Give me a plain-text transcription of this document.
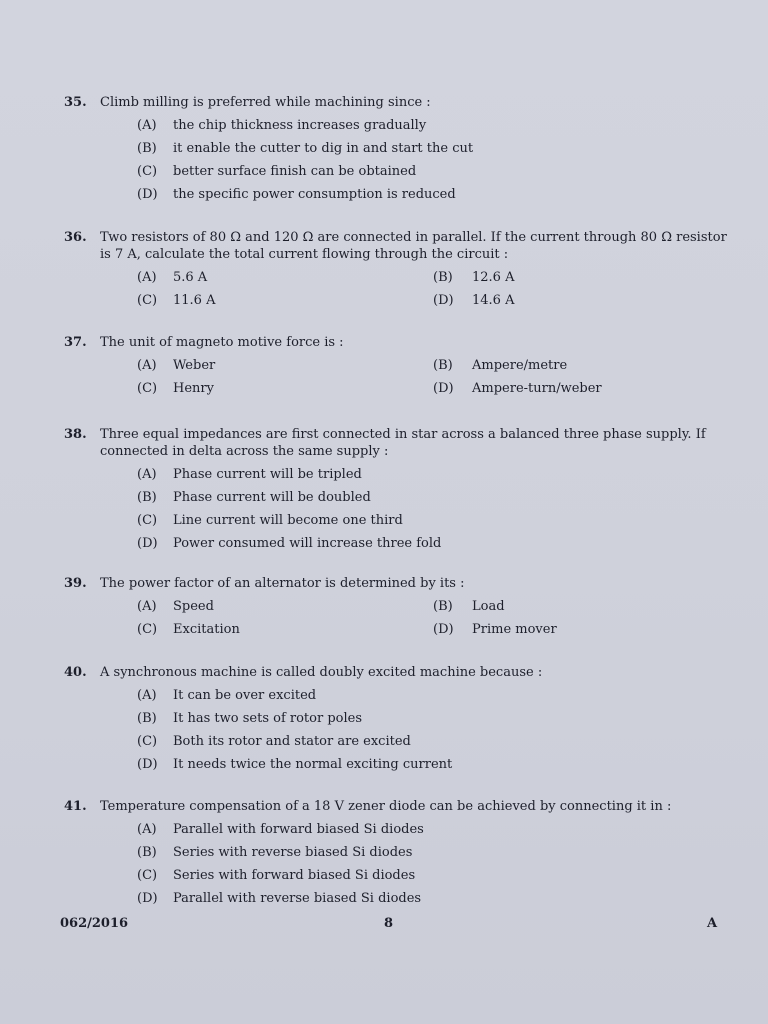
35. Climb milling is preferred while machining since :
(A) the chip thickness increases gradually
(B) it enable the cutter to dig in and start the cut
(C) better surface finish can be obtained
(D) the specific power consumption is reduced
36. Two resistors of 80 Ω and 120 Ω are connected in parallel. If the current through 80 Ω resistor is 7 A, calculate the total current flowing through the circuit :
(A) 5.6 A	(B) 12.6 A
(C) 11.6 A	(D) 14.6 A
37. The unit of magneto motive force is :
(A) Weber	(B) Ampere/metre
(C) Henry	(D) Ampere-turn/weber
38. Three equal impedances are first connected in star across a balanced three phase supply. If connected in delta across the same supply :
(A) Phase current will be tripled
(B) Phase current will be doubled
(C) Line current will become one third
(D) Power consumed will increase three fold
39. The power factor of an alternator is determined by its :
(A) Speed	(B) Load
(C) Excitation	(D) Prime mover
40. A synchronous machine is called doubly excited machine because :
(A) It can be over excited
(B) It has two sets of rotor poles
(C) Both its rotor and stator are excited
(D) It needs twice the normal exciting current
41. Temperature compensation of a 18 V zener diode can be achieved by connecting it in :
(A) Parallel with forward biased Si diodes
(B) Series with reverse biased Si diodes
(C) Series with forward biased Si diodes
(D) Parallel with reverse biased Si diodes
062/2016	8	A
